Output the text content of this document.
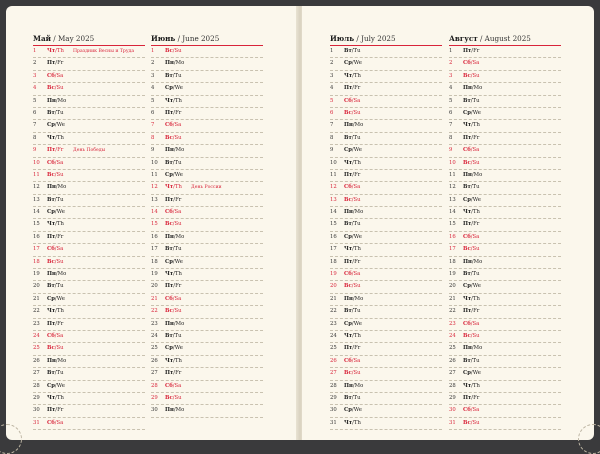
Май / May 2025
1	Чт/Th Праздник Весны и Труда
2	Пт/Fr
3	Сб/Sa
4	Вс/Su
5	Пн/Mo
6	Вт/Tu
7	Ср/We
8	Чт/Th
9	Пт/Fr День Победы
10	Сб/Sa
11	Вс/Su
12	Пн/Mo
13	Вт/Tu
14	Ср/We
15	Чт/Th
16	Пт/Fr
17	Сб/Sa
18	Вс/Su
19	Пн/Mo
20	Вт/Tu
21	Ср/We
22	Чт/Th
23	Пт/Fr
24	Сб/Sa
25	Вс/Su
26	Пн/Mo
27	Вт/Tu
28	Ср/We
29	Чт/Th
30	Пт/Fr
31	Сб/Sa
Июнь / June 2025
1	Вс/Su
2	Пн/Mo
3	Вт/Tu
4	Ср/We
5	Чт/Th
6	Пт/Fr
7	Сб/Sa
8	Вс/Su
9	Пн/Mo
10	Вт/Tu
11	Ср/We
12	Чт/Th День России
13	Пт/Fr
14	Сб/Sa
15	Вс/Su
16	Пн/Mo
17	Вт/Tu
18	Ср/We
19	Чт/Th
20	Пт/Fr
21	Сб/Sa
22	Вс/Su
23	Пн/Mo
24	Вт/Tu
25	Ср/We
26	Чт/Th
27	Пт/Fr
28	Сб/Sa
29	Вс/Su
30	Пн/Mo
Июль / July 2025
1	Вт/Tu
2	Ср/We
3	Чт/Th
4	Пт/Fr
5	Сб/Sa
6	Вс/Su
7	Пн/Mo
8	Вт/Tu
9	Ср/We
10	Чт/Th
11	Пт/Fr
12	Сб/Sa
13	Вс/Su
14	Пн/Mo
15	Вт/Tu
16	Ср/We
17	Чт/Th
18	Пт/Fr
19	Сб/Sa
20	Вс/Su
21	Пн/Mo
22	Вт/Tu
23	Ср/We
24	Чт/Th
25	Пт/Fr
26	Сб/Sa
27	Вс/Su
28	Пн/Mo
29	Вт/Tu
30	Ср/We
31	Чт/Th
Август / August 2025
1	Пт/Fr
2	Сб/Sa
3	Вс/Su
4	Пн/Mo
5	Вт/Tu
6	Ср/We
7	Чт/Th
8	Пт/Fr
9	Сб/Sa
10	Вс/Su
11	Пн/Mo
12	Вт/Tu
13	Ср/We
14	Чт/Th
15	Пт/Fr
16	Сб/Sa
17	Вс/Su
18	Пн/Mo
19	Вт/Tu
20	Ср/We
21	Чт/Th
22	Пт/Fr
23	Сб/Sa
24	Вс/Su
25	Пн/Mo
26	Вт/Tu
27	Ср/We
28	Чт/Th
29	Пт/Fr
30	Сб/Sa
31	Вс/Su
